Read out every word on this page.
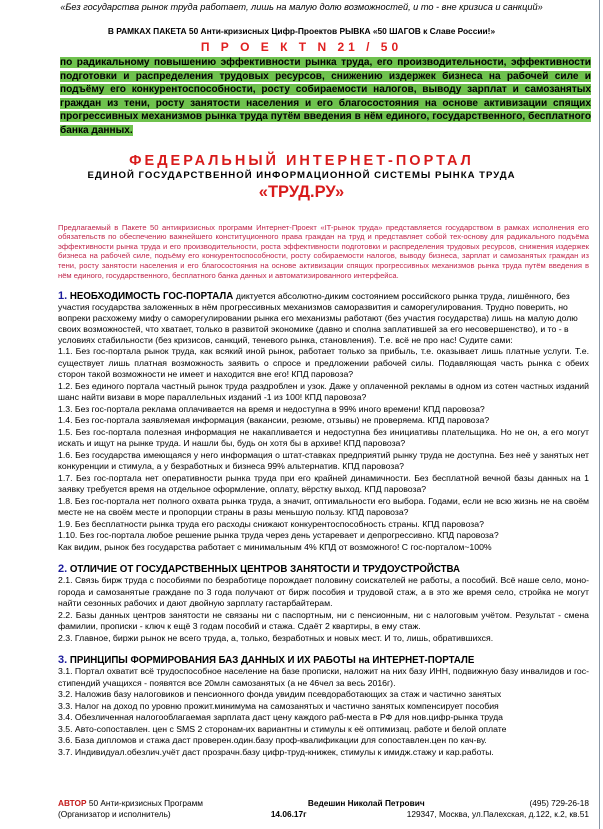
«Без государства рынок труда работает, лишь на малую долю возможностей, и то - вне кризиса и санкций»
В РАМКАХ ПАКЕТА 50 Анти-кризисных Цифр-Проектов РЫВКА «50 ШАГОВ к Славе России!»
П Р О Е К Т N 21 / 50
по радикальному повышению эффективности рынка труда, его производительности, эффективности подготовки и распределения трудовых ресурсов, снижению издержек бизнеса на рабочей силе и подъёму его конкурентоспособности, росту собираемости налогов, выводу зарплат и самозанятых граждан из тени, росту занятости населения и его благосостояния на основе активизации спящих прогрессивных механизмов рынка труда путём введения в нём единого, государственного, бесплатного банка данных.
ФЕДЕРАЛЬНЫЙ ИНТЕРНЕТ-ПОРТАЛ
ЕДИНОЙ ГОСУДАРСТВЕННОЙ ИНФОРМАЦИОННОЙ СИСТЕМЫ РЫНКА ТРУДА
«ТРУД.РУ»
Предлагаемый в Пакете 50 антикризисных программ Интернет-Проект «IT-рынок труда» представляется государством в рамках исполнения его обязательств по обеспечению важнейшего конституционного права граждан на труд и представляет собой тех-основу для радикального подъёма эффективности рынка труда и его производительности, роста эффективности подготовки и распределения трудовых ресурсов, снижения издержек бизнеса на рабочей силе, подъёму его конкурентоспособности, росту собираемости налогов, выводу бизнеса, зарплат и самозанятых граждан из тени, росту занятости населения и его благосостояния на основе активизации спящих прогрессивных механизмов рынка труда путём введения в нём единого, государственного, бесплатного банка данных и автоматизированного интерфейса.
1. НЕОБХОДИМОСТЬ ГОС-ПОРТАЛА диктуется абсолютно-диким состоянием российского рынка труда, лишённого, без участия государства заложенных в нём прогрессивных механизмов саморазвития и саморегулирования. Трудно поверить, но вопреки расхожему мифу о саморегулировании рынка его механизмы работают (без участия государства) лишь на малую долю своих возможностей, что хватает, только в развитой экономике (давно и сполна заплатившей за его несовершенство), и то - в условиях стабильности (без кризисов, санкций, теневого рынка, становления). Т.е. всё не про нас! Судите сами:
1.1. Без гос-портала рынок труда, как всякий иной рынок, работает только за прибыль, т.е. оказывает лишь платные услуги. Т.е. существует лишь платная возможность заявить о спросе и предложении рабочей силы. Подавляющая часть рынка с обеих сторон такой возможности не имеет и находится вне его! КПД паровоза?
1.2. Без единого портала частный рынок труда раздроблен и узок. Даже у оплаченной рекламы в одном из сотен частных изданий шанс найти визави в море параллельных изданий -1 из 100! КПД паровоза?
1.3. Без гос-портала реклама оплачивается на время и недоступна в 99% иного времени! КПД паровоза?
1.4. Без гос-портала заявляемая информация (вакансии, резюме, отзывы) не проверяема. КПД паровоза?
1.5. Без гос-портала полезная информация не накапливается и недоступна без инициативы плательщика. Но не он, а его могут искать и ищут на рынке труда. И нашли бы, будь он хотя бы в архиве! КПД паровоза?
1.6. Без государства имеющаяся у него информация о штат-ставках предприятий рынку труда не доступна. Без неё у занятых нет конкуренции и стимула, а у безработных и бизнеса 99% альтернатив. КПД паровоза?
1.7. Без гос-портала нет оперативности рынка труда при его крайней динамичности. Без бесплатной вечной базы данных на 1 заявку требуется время на отдельное оформление, оплату, вёрстку выход. КПД паровоза?
1.8. Без гос-портала нет полного охвата рынка труда, а значит, оптимальности его выбора. Годами, если не всю жизнь не на своём месте не на своём месте и пропорции страны в разы меньшую пользу. КПД паровоза?
1.9. Без бесплатности рынка труда его расходы снижают конкурентоспособность страны. КПД паровоза?
1.10. Без гос-портала любое решение рынка труда через день устаревает и депрогрессивно. КПД паровоза?
Как видим, рынок без государства работает с минимальным 4% КПД от возможного! С гос-порталом~100%
2. ОТЛИЧИЕ ОТ ГОСУДАРСТВЕННЫХ ЦЕНТРОВ ЗАНЯТОСТИ И ТРУДОУСТРОЙСТВА
2.1. Связь бирж труда с пособиями по безработице порождает половину соискателей не работы, а пособий. Всё наше село, моно-города и самозанятые граждане по 3 года получают от бирж пособия и трудовой стаж, а в это же время село, стройка не могут найти сезонных рабочих и дают двойную зарплату гастарбайтерам.
2.2. Базы данных центров занятости не связаны ни с паспортным, ни с пенсионным, ни с налоговым учётом. Результат - смена фамилии, прописки - ключ к ещё 3 годам пособий и стажа. Сдаёт 2 квартиры, в ему стаж.
2.3. Главное, биржи рынок не всего труда, а, только, безработных и новых мест. И то, лишь, обратившихся.
3. ПРИНЦИПЫ ФОРМИРОВАНИЯ БАЗ ДАННЫХ И ИХ РАБОТЫ на ИНТЕРНЕТ-ПОРТАЛЕ
3.1. Портал охватит всё трудоспособное население на базе прописки, наложит на них базу ИНН, подвижную базу инвалидов и гос-стипендий учащихся - появятся все 20млн самозанятых (а не 46чел за весь 2016г).
3.2. Наложив базу налоговиков и пенсионного фонда увидим псевдоработающих за стаж и частично занятых
3.3. Налог на доход по уровню прожит.минимума на самозанятых и частично занятых компенсирует пособия
3.4. Обезличенная налогооблагаемая зарплата даст цену каждого раб-места в РФ для нов.цифр-рынка труда
3.5. Авто-сопоставлен. цен с SMS 2 сторонам-их вариантны и стимулы к её оптимизац. работе и белой оплате
3.6. База дипломов и стажа даст проверен.один.базу проф-квалификации для сопоставлен.цен по кач-ву.
3.7. Индивидуал.обезлич.учёт даст прозрачн.базу цифр-труд-книжек, стимулы к имидж.стажу и кар.работы.
АВТОР 50 Анти-кризисных Программ	Ведешин Николай Петрович	(495) 729-26-18
(Организатор и исполнитель)	14.06.17г	129347, Москва, ул.Палехская, д.122, к.2, кв.51
